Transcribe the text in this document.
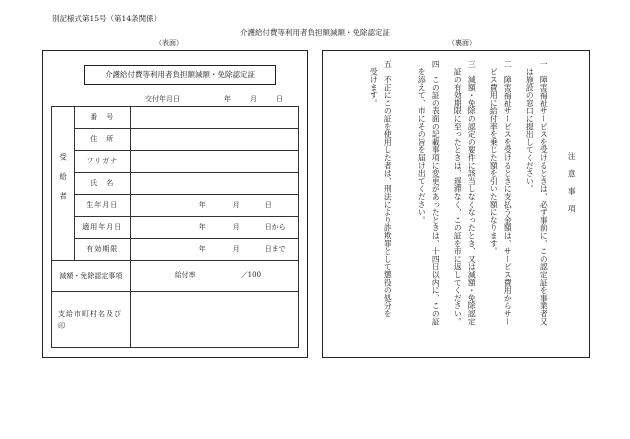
別記様式第15号（第14条関係）
介護給付費等利用者負担額減額・免除認定証
（表面）	（裏面）
介護給付費等利用者負担額減額・免除認定証
交付年月日	年	月	日
受給者	番　号	
	住　所	
	フリガナ	
	氏　名	
	生年月日	年 月 日

	適用年月日	年 月 日から

	有効期限	年 月 日まで

減額・免除認定事項		給付率 ／100

支給市町村名及び　　印		
注　意　事　項
一　障害福祉サービスを受けるときは、必ず事前に、この認定証を事業者又
　は施設の窓口に提出してください。
二　障害福祉サービスを受けるときに支払う金額は、サービス費用からサー
　ビス費用に給付率を乗じた額を引いた額になります。
三　減額・免除の認定の要件に該当しなくなったとき、又は減額・免除認定
　証の有効期限に至ったときは、遅滞なく、この証を市に返してください。
四　この証の表面の記載事項に変更があったときは、十四日以内に、この証
　を添えて、市にその旨を届け出てください。
五　不正にこの証を使用した者は、刑法により詐欺罪として懲役の処分を
　受けます。
